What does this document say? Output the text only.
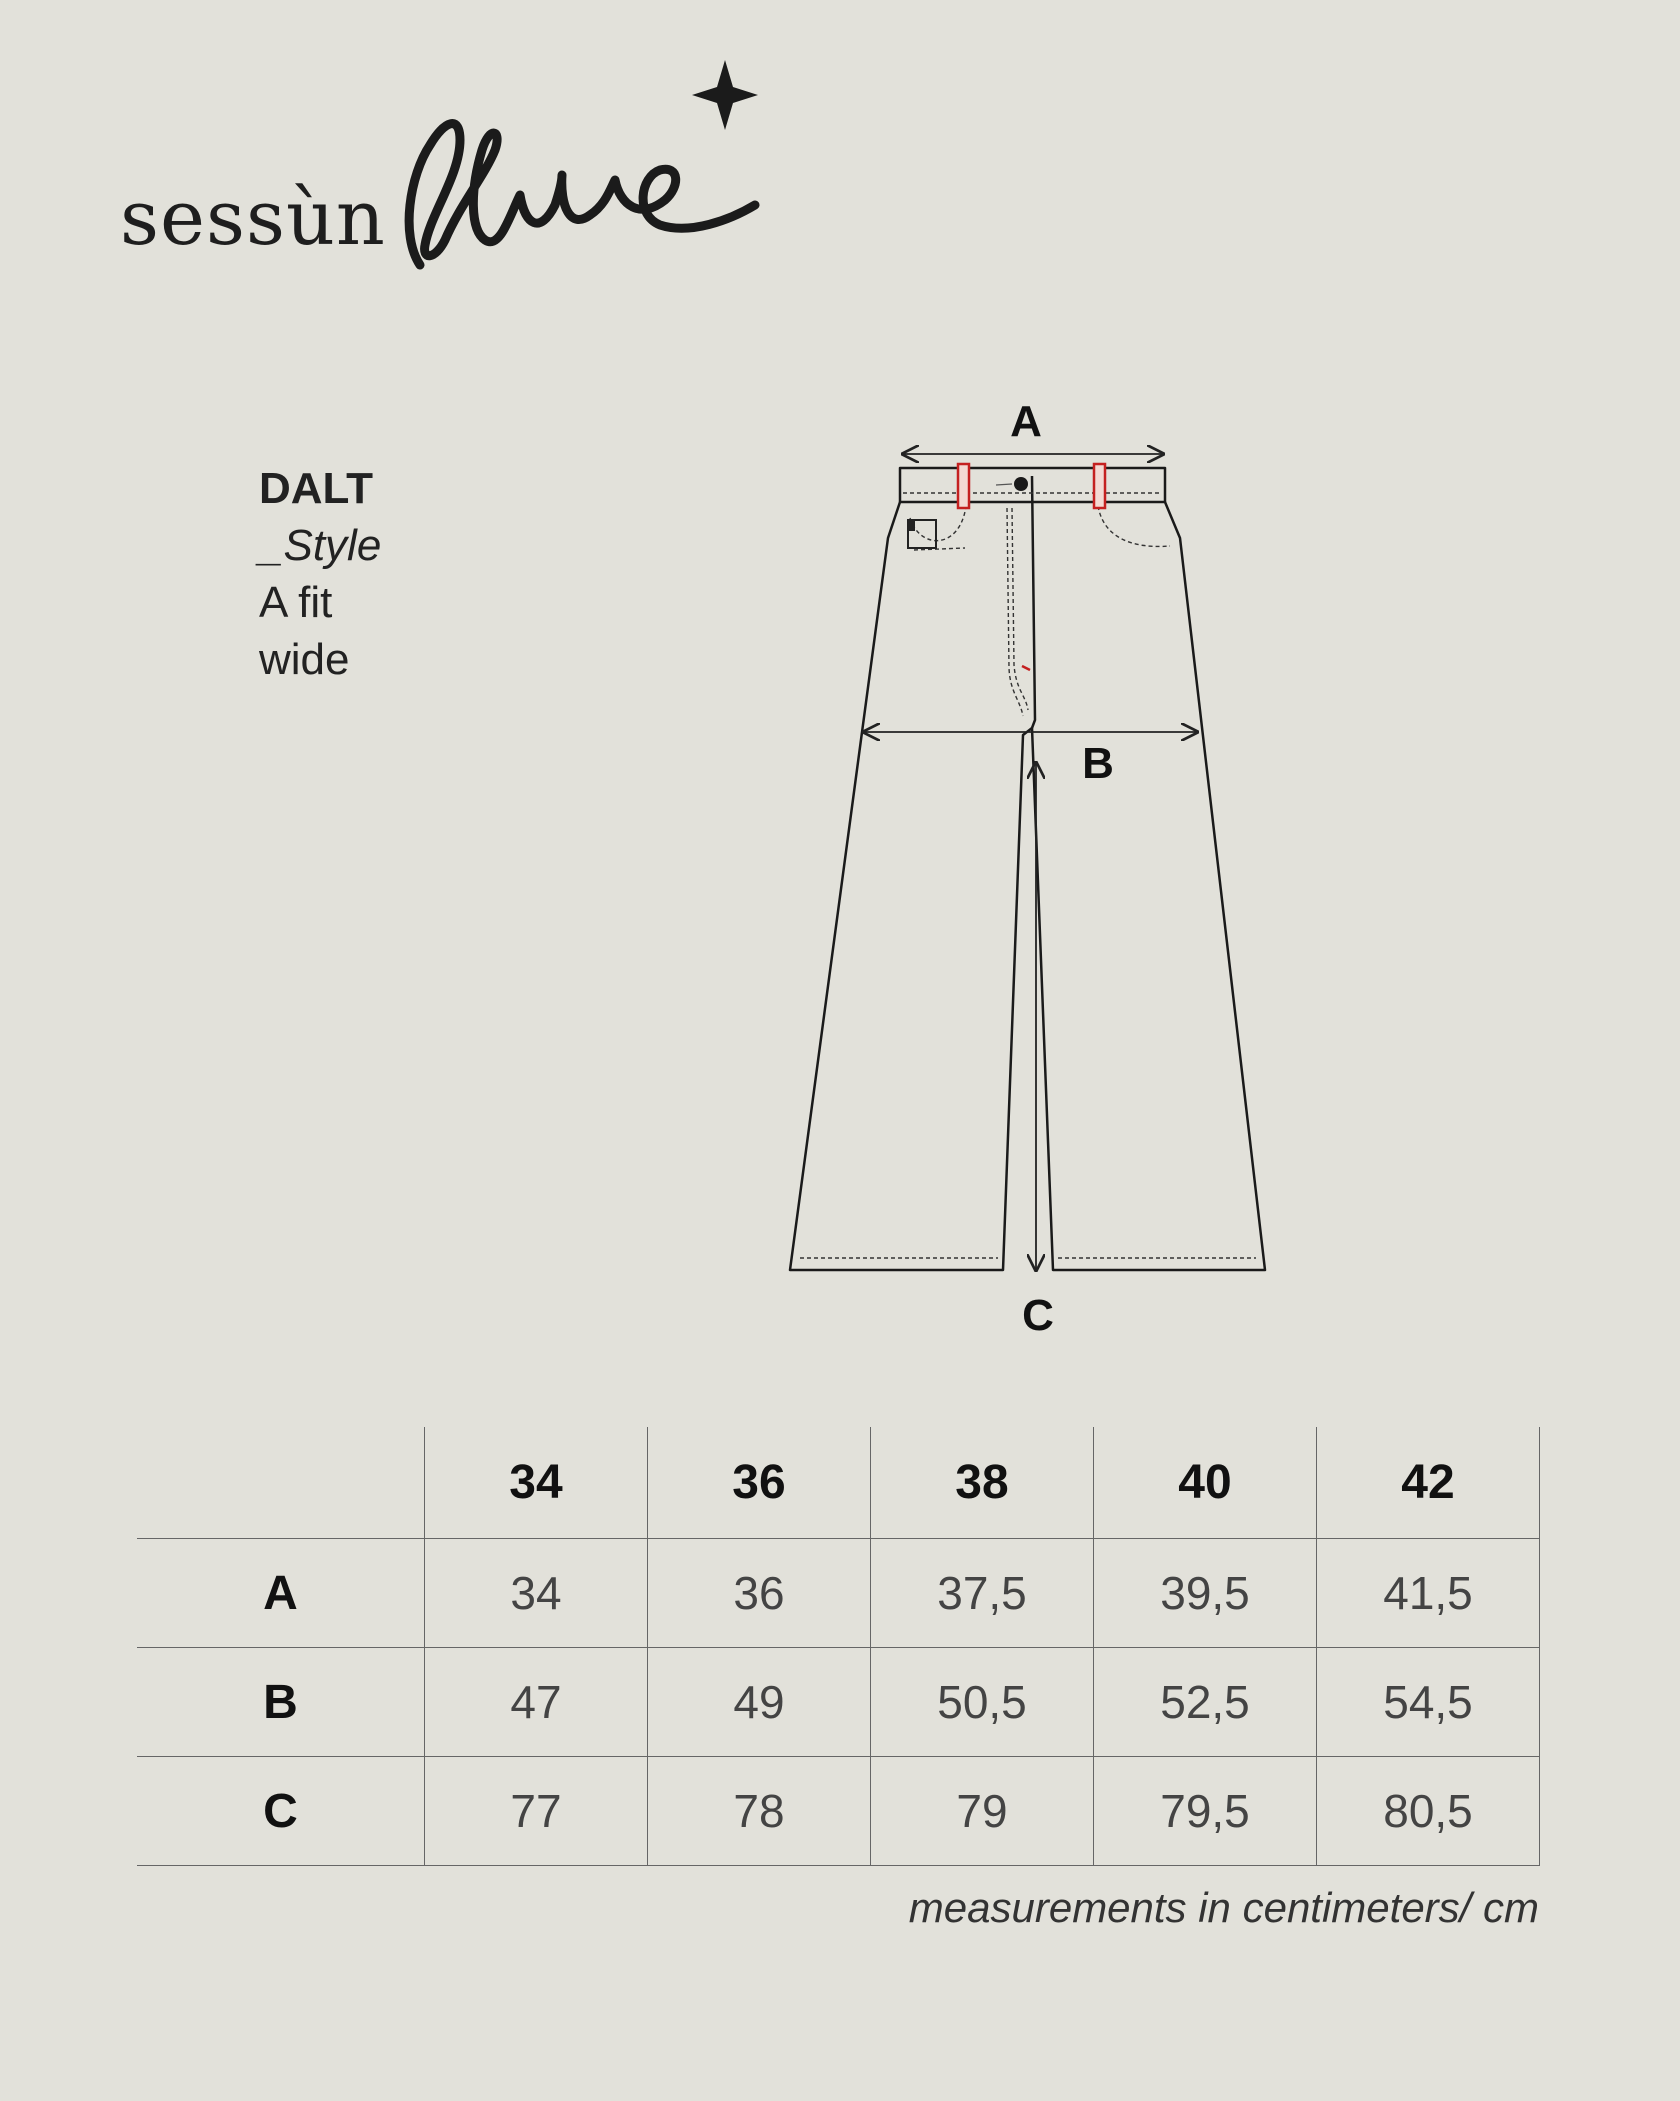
sessùn
DALT
_Style
A fit
wide
A
B
C
	34	36	38	40	42
A	34	36	37,5	39,5	41,5
B	47	49	50,5	52,5	54,5
C	77	78	79	79,5	80,5
measurements in centimeters/ cm
